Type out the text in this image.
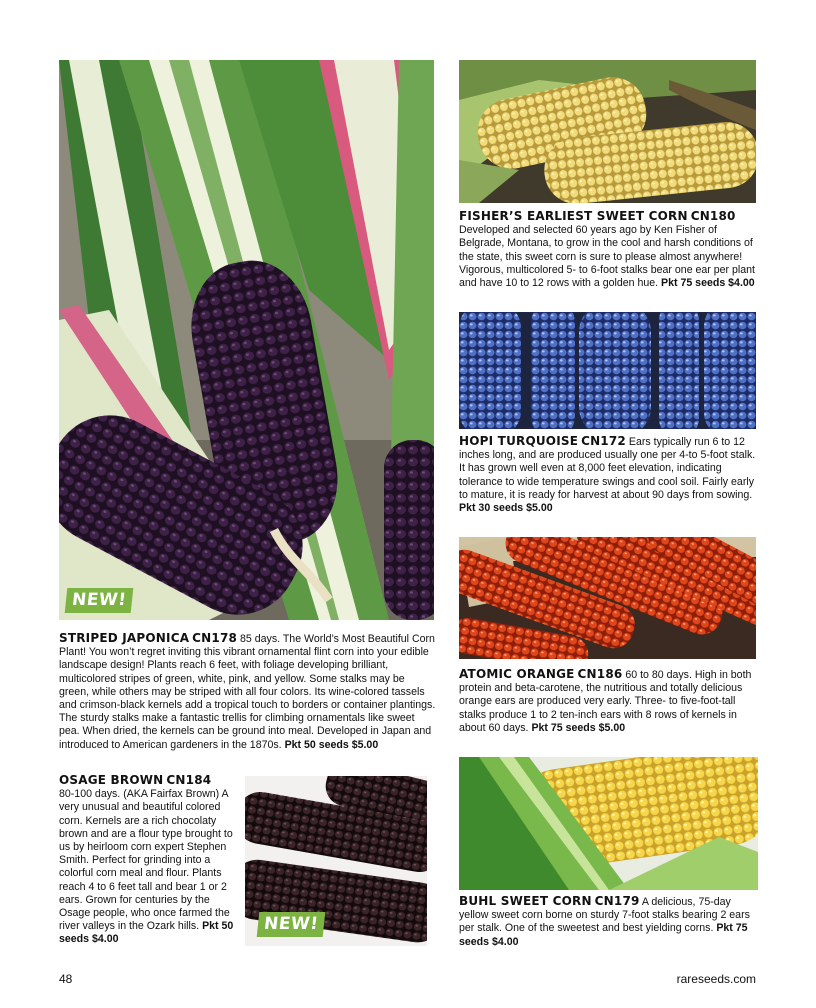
NEW!
NEW!

FISHER’S EARLIEST SWEET CORN CN180
Developed and selected 60 years ago by Ken Fisher of Belgrade, Montana, to grow in the cool and harsh conditions of the state, this sweet corn is sure to please almost anywhere! Vigorous, multicolored 5- to 6-foot stalks bear one ear per plant and have 10 to 12 rows with a golden hue. Pkt 75 seeds $4.00

HOPI TURQUOISE CN172 Ears typically run 6 to 12 inches long, and are produced usually one per 4-to 5-foot stalk. It has grown well even at 8,000 feet elevation, indicating tolerance to wide temperature swings and cool soil. Fairly early to mature, it is ready for harvest at about 90 days from sowing. Pkt 30 seeds $5.00

STRIPED JAPONICA CN178 85 days. The World’s Most Beautiful Corn Plant! You won’t regret inviting this vibrant ornamental flint corn into your edible landscape design! Plants reach 6 feet, with foliage developing brilliant, multicolored stripes of green, white, pink, and yellow. Some stalks may be green, while others may be striped with all four colors. Its wine-colored tassels and crimson-black kernels add a tropical touch to borders or container plantings. The sturdy stalks make a fantastic trellis for climbing ornamentals like sweet pea. When dried, the kernels can be ground into meal. Developed in Japan and introduced to American gardeners in the 1870s. Pkt 50 seeds $5.00

ATOMIC ORANGE CN186 60 to 80 days. High in both protein and beta-carotene, the nutritious and totally delicious orange ears are produced very early. Three- to five-foot-tall stalks produce 1 to 2 ten-inch ears with 8 rows of kernels in about 60 days. Pkt 75 seeds $5.00

OSAGE BROWN CN184
80-100 days. (AKA Fairfax Brown) A very unusual and beautiful colored corn. Kernels are a rich chocolaty brown and are a flour type brought to us by heirloom corn expert Stephen Smith. Perfect for grinding into a colorful corn meal and flour. Plants reach 4 to 6 feet tall and bear 1 or 2 ears. Grown for centuries by the Osage people, who once farmed the river valleys in the Ozark hills. Pkt 50 seeds $4.00

BUHL SWEET CORN CN179 A delicious, 75-day yellow sweet corn borne on sturdy 7-foot stalks bearing 2 ears per stalk. One of the sweetest and best yielding corns. Pkt 75 seeds $4.00

48	rareseeds.com
